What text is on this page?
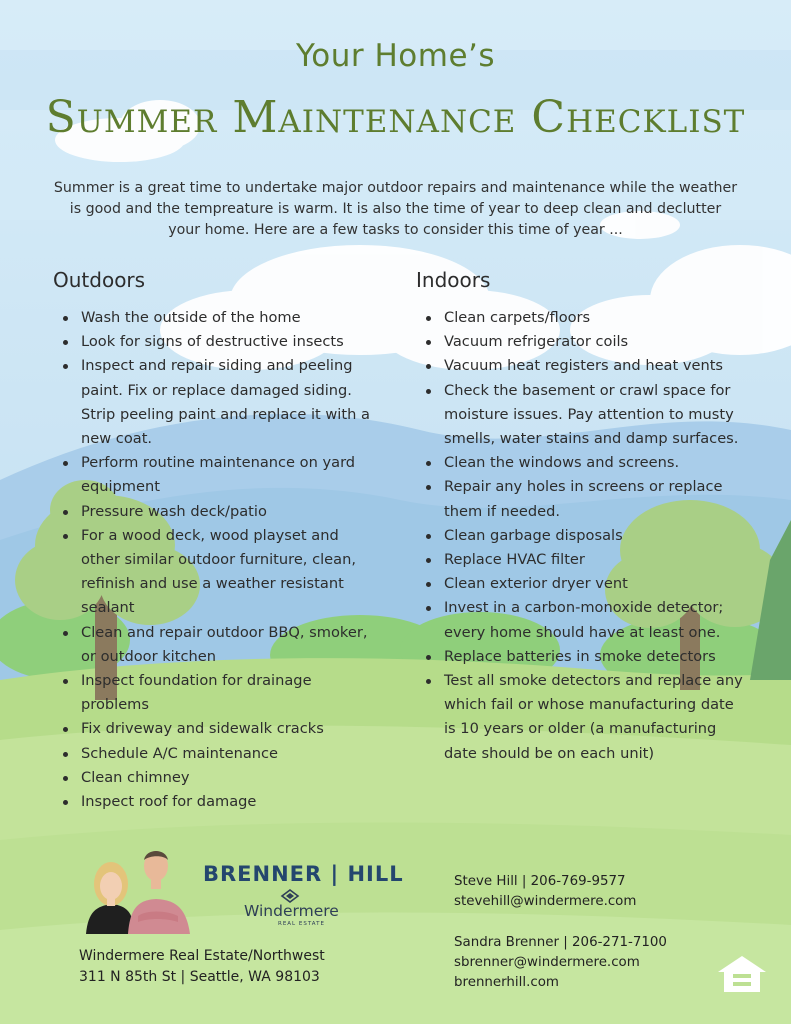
Your Home’s
Summer Maintenance Checklist
Summer is a great time to undertake major outdoor repairs and maintenance while the weather is good and the tempreature is warm. It is also the time of year to deep clean and declutter your home. Here are a few tasks to consider this time of year ...
Outdoors	Indoors
Wash the outside of the home
Look for signs of destructive insects
Inspect and repair siding and peeling paint. Fix or replace damaged siding. Strip peeling paint and replace it with a new coat.
Perform routine maintenance on yard equipment
Pressure wash deck/patio
For a wood deck, wood playset and other similar outdoor furniture, clean, refinish and use a weather resistant sealant
Clean and repair outdoor BBQ, smoker, or outdoor kitchen
Inspect foundation for drainage problems
Fix driveway and sidewalk cracks
Schedule A/C maintenance
Clean chimney
Inspect roof for damage
Clean carpets/floors
Vacuum refrigerator coils
Vacuum heat registers and heat vents
Check the basement or crawl space for moisture issues. Pay attention to musty smells, water stains and damp surfaces.
Clean the windows and screens.
Repair any holes in screens or replace them if needed.
Clean garbage disposals
Replace HVAC filter
Clean exterior dryer vent
Invest in a carbon-monoxide detector; every home should have at least one.
Replace batteries in smoke detectors
Test all smoke detectors and replace any which fail or whose manufacturing date is 10 years or older (a manufacturing date should be on each unit)
BRENNER | HILL
Windermere
REAL ESTATE
Windermere Real Estate/Northwest
311 N 85th St | Seattle, WA 98103
Steve Hill | 206-769-9577
stevehill@windermere.com
Sandra Brenner | 206-271-7100
sbrenner@windermere.com
brennerhill.com
